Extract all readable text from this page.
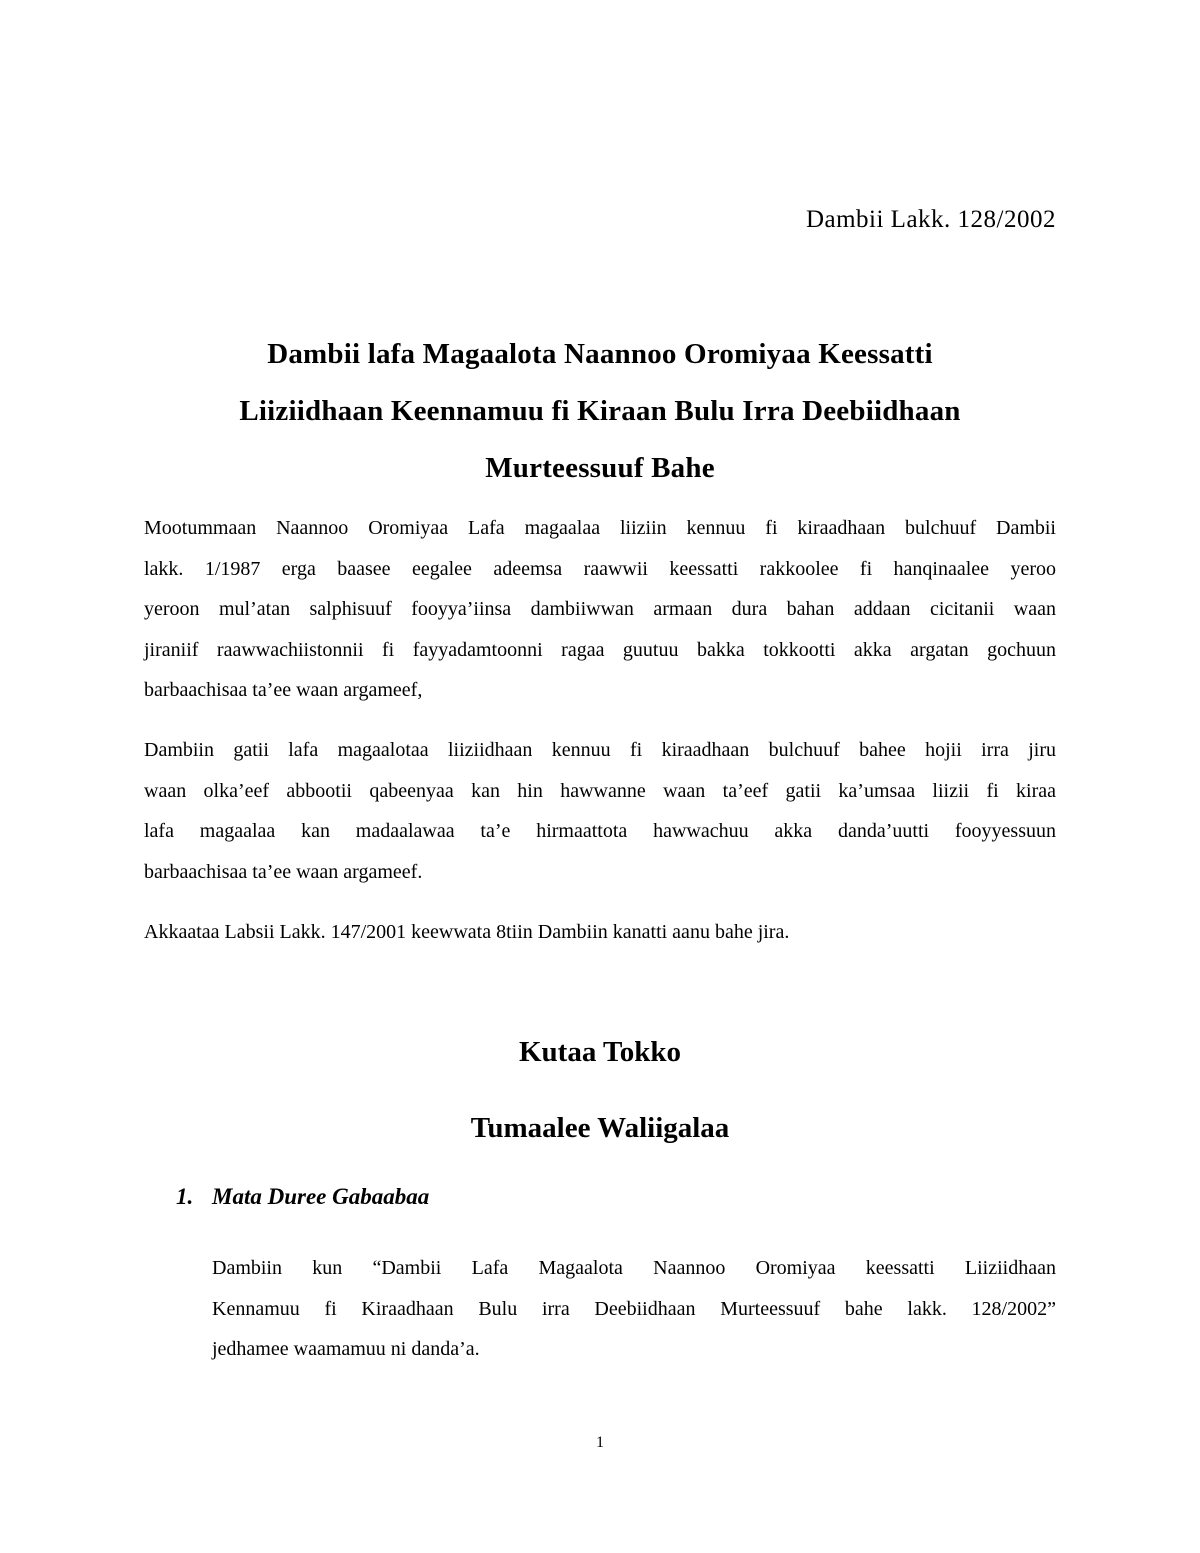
Dambii Lakk. 128/2002
Dambii lafa Magaalota Naannoo Oromiyaa Keessatti
Liiziidhaan Keennamuu fi Kiraan Bulu Irra Deebiidhaan
Murteessuuf Bahe
Mootummaan Naannoo Oromiyaa Lafa magaalaa liiziin kennuu fi kiraadhaan bulchuuf Dambii
lakk. 1/1987 erga baasee eegalee adeemsa raawwii keessatti rakkoolee fi hanqinaalee yeroo
yeroon mul’atan salphisuuf fooyya’iinsa dambiiwwan armaan dura bahan addaan cicitanii waan
jiraniif raawwachiistonnii fi fayyadamtoonni ragaa guutuu bakka tokkootti akka argatan gochuun
barbaachisaa ta’ee waan argameef,
Dambiin gatii lafa magaalotaa liiziidhaan kennuu fi kiraadhaan bulchuuf bahee hojii irra jiru
waan olka’eef abbootii qabeenyaa kan hin hawwanne waan ta’eef gatii ka’umsaa liizii fi kiraa
lafa magaalaa kan madaalawaa ta’e hirmaattota hawwachuu akka danda’uutti fooyyessuun
barbaachisaa ta’ee waan argameef.
Akkaataa Labsii Lakk. 147/2001 keewwata 8tiin Dambiin kanatti aanu bahe jira.
Kutaa Tokko
Tumaalee Waliigalaa
1. Mata Duree Gabaabaa
Dambiin kun “Dambii Lafa Magaalota Naannoo Oromiyaa keessatti Liiziidhaan
Kennamuu fi Kiraadhaan Bulu irra Deebiidhaan Murteessuuf bahe lakk. 128/2002”
jedhamee waamamuu ni danda’a.
1
